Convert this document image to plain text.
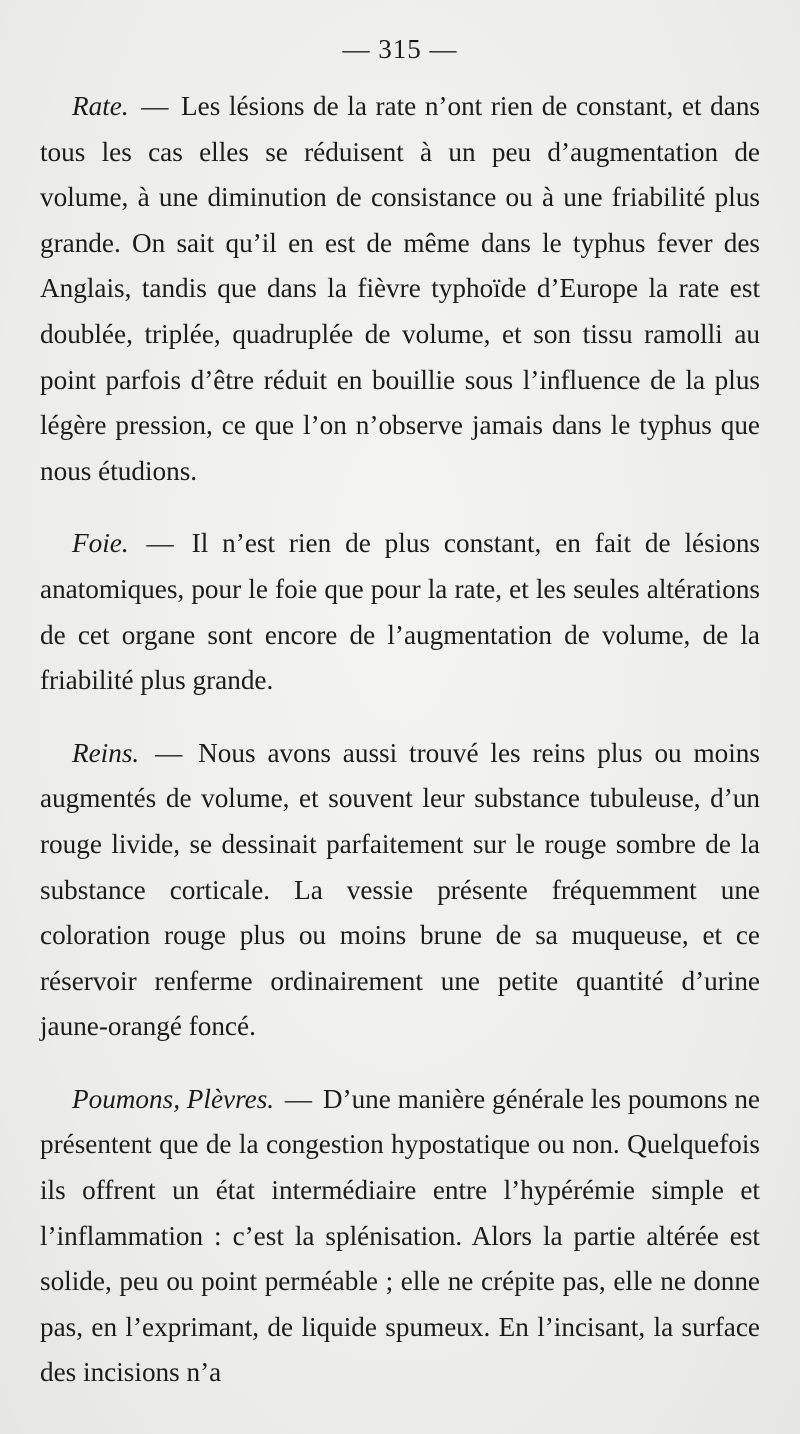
— 315 —

Rate. — Les lésions de la rate n’ont rien de constant, et dans tous les cas elles se réduisent à un peu d’augmentation de volume, à une diminution de consistance ou à une friabilité plus grande. On sait qu’il en est de même dans le typhus fever des Anglais, tandis que dans la fièvre typhoïde d’Europe la rate est doublée, triplée, quadruplée de volume, et son tissu ramolli au point parfois d’être réduit en bouillie sous l’influence de la plus légère pression, ce que l’on n’observe jamais dans le typhus que nous étudions.

Foie. — Il n’est rien de plus constant, en fait de lésions anatomiques, pour le foie que pour la rate, et les seules altérations de cet organe sont encore de l’augmentation de volume, de la friabilité plus grande.

Reins. — Nous avons aussi trouvé les reins plus ou moins augmentés de volume, et souvent leur substance tubuleuse, d’un rouge livide, se dessinait parfaitement sur le rouge sombre de la substance corticale. La vessie présente fréquemment une coloration rouge plus ou moins brune de sa muqueuse, et ce réservoir renferme ordinairement une petite quantité d’urine jaune-orangé foncé.

Poumons, Plèvres. — D’une manière générale les poumons ne présentent que de la congestion hypostatique ou non. Quelquefois ils offrent un état intermédiaire entre l’hypérémie simple et l’inflammation : c’est la splénisation. Alors la partie altérée est solide, peu ou point perméable ; elle ne crépite pas, elle ne donne pas, en l’exprimant, de liquide spumeux. En l’incisant, la surface des incisions n’a
